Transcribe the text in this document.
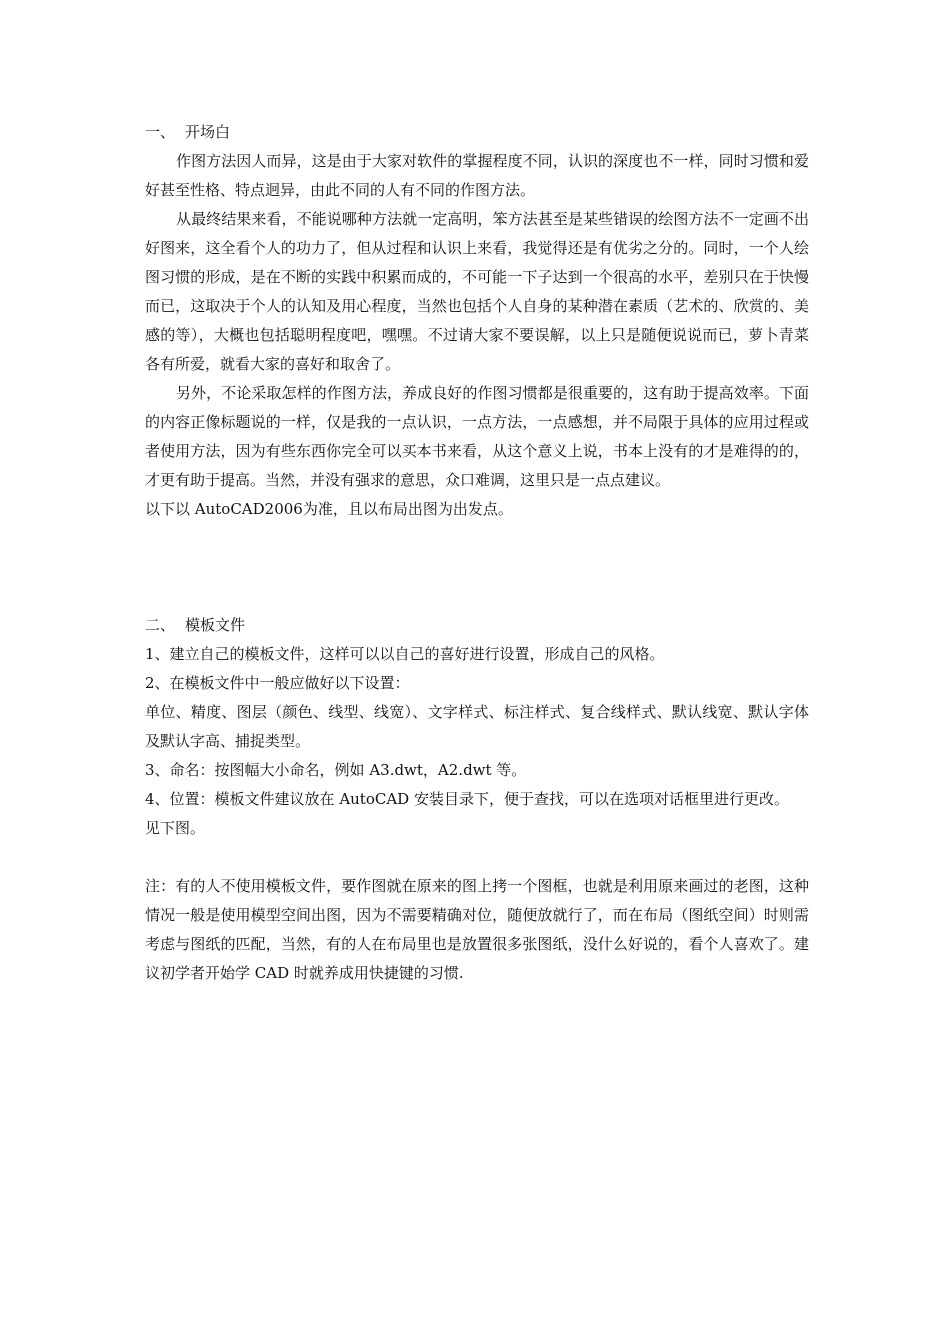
一、 开场白

作图方法因人而异，这是由于大家对软件的掌握程度不同，认识的深度也不一样，同时习惯和爱好甚至性格、特点迥异，由此不同的人有不同的作图方法。

从最终结果来看，不能说哪种方法就一定高明，笨方法甚至是某些错误的绘图方法不一定画不出好图来，这全看个人的功力了，但从过程和认识上来看，我觉得还是有优劣之分的。同时，一个人绘图习惯的形成，是在不断的实践中积累而成的，不可能一下子达到一个很高的水平，差别只在于快慢而已，这取决于个人的认知及用心程度，当然也包括个人自身的某种潜在素质（艺术的、欣赏的、美感的等），大概也包括聪明程度吧，嘿嘿。不过请大家不要误解，以上只是随便说说而已，萝卜青菜各有所爱，就看大家的喜好和取舍了。

另外，不论采取怎样的作图方法，养成良好的作图习惯都是很重要的，这有助于提高效率。下面的内容正像标题说的一样，仅是我的一点认识，一点方法，一点感想，并不局限于具体的应用过程或者使用方法，因为有些东西你完全可以买本书来看，从这个意义上说，书本上没有的才是难得的的，才更有助于提高。当然，并没有强求的意思，众口难调，这里只是一点点建议。

以下以 AutoCAD2006为准，且以布局出图为出发点。

二、 模板文件

1、建立自己的模板文件，这样可以以自己的喜好进行设置，形成自己的风格。

2、在模板文件中一般应做好以下设置：

单位、精度、图层（颜色、线型、线宽）、文字样式、标注样式、复合线样式、默认线宽、默认字体及默认字高、捕捉类型。

3、命名：按图幅大小命名，例如 A3.dwt，A2.dwt 等。

4、位置：模板文件建议放在 AutoCAD 安装目录下，便于查找，可以在选项对话框里进行更改。

见下图。

注：有的人不使用模板文件，要作图就在原来的图上拷一个图框，也就是利用原来画过的老图，这种情况一般是使用模型空间出图，因为不需要精确对位，随便放就行了，而在布局（图纸空间）时则需考虑与图纸的匹配，当然，有的人在布局里也是放置很多张图纸，没什么好说的，看个人喜欢了。建议初学者开始学 CAD 时就养成用快捷键的习惯.
